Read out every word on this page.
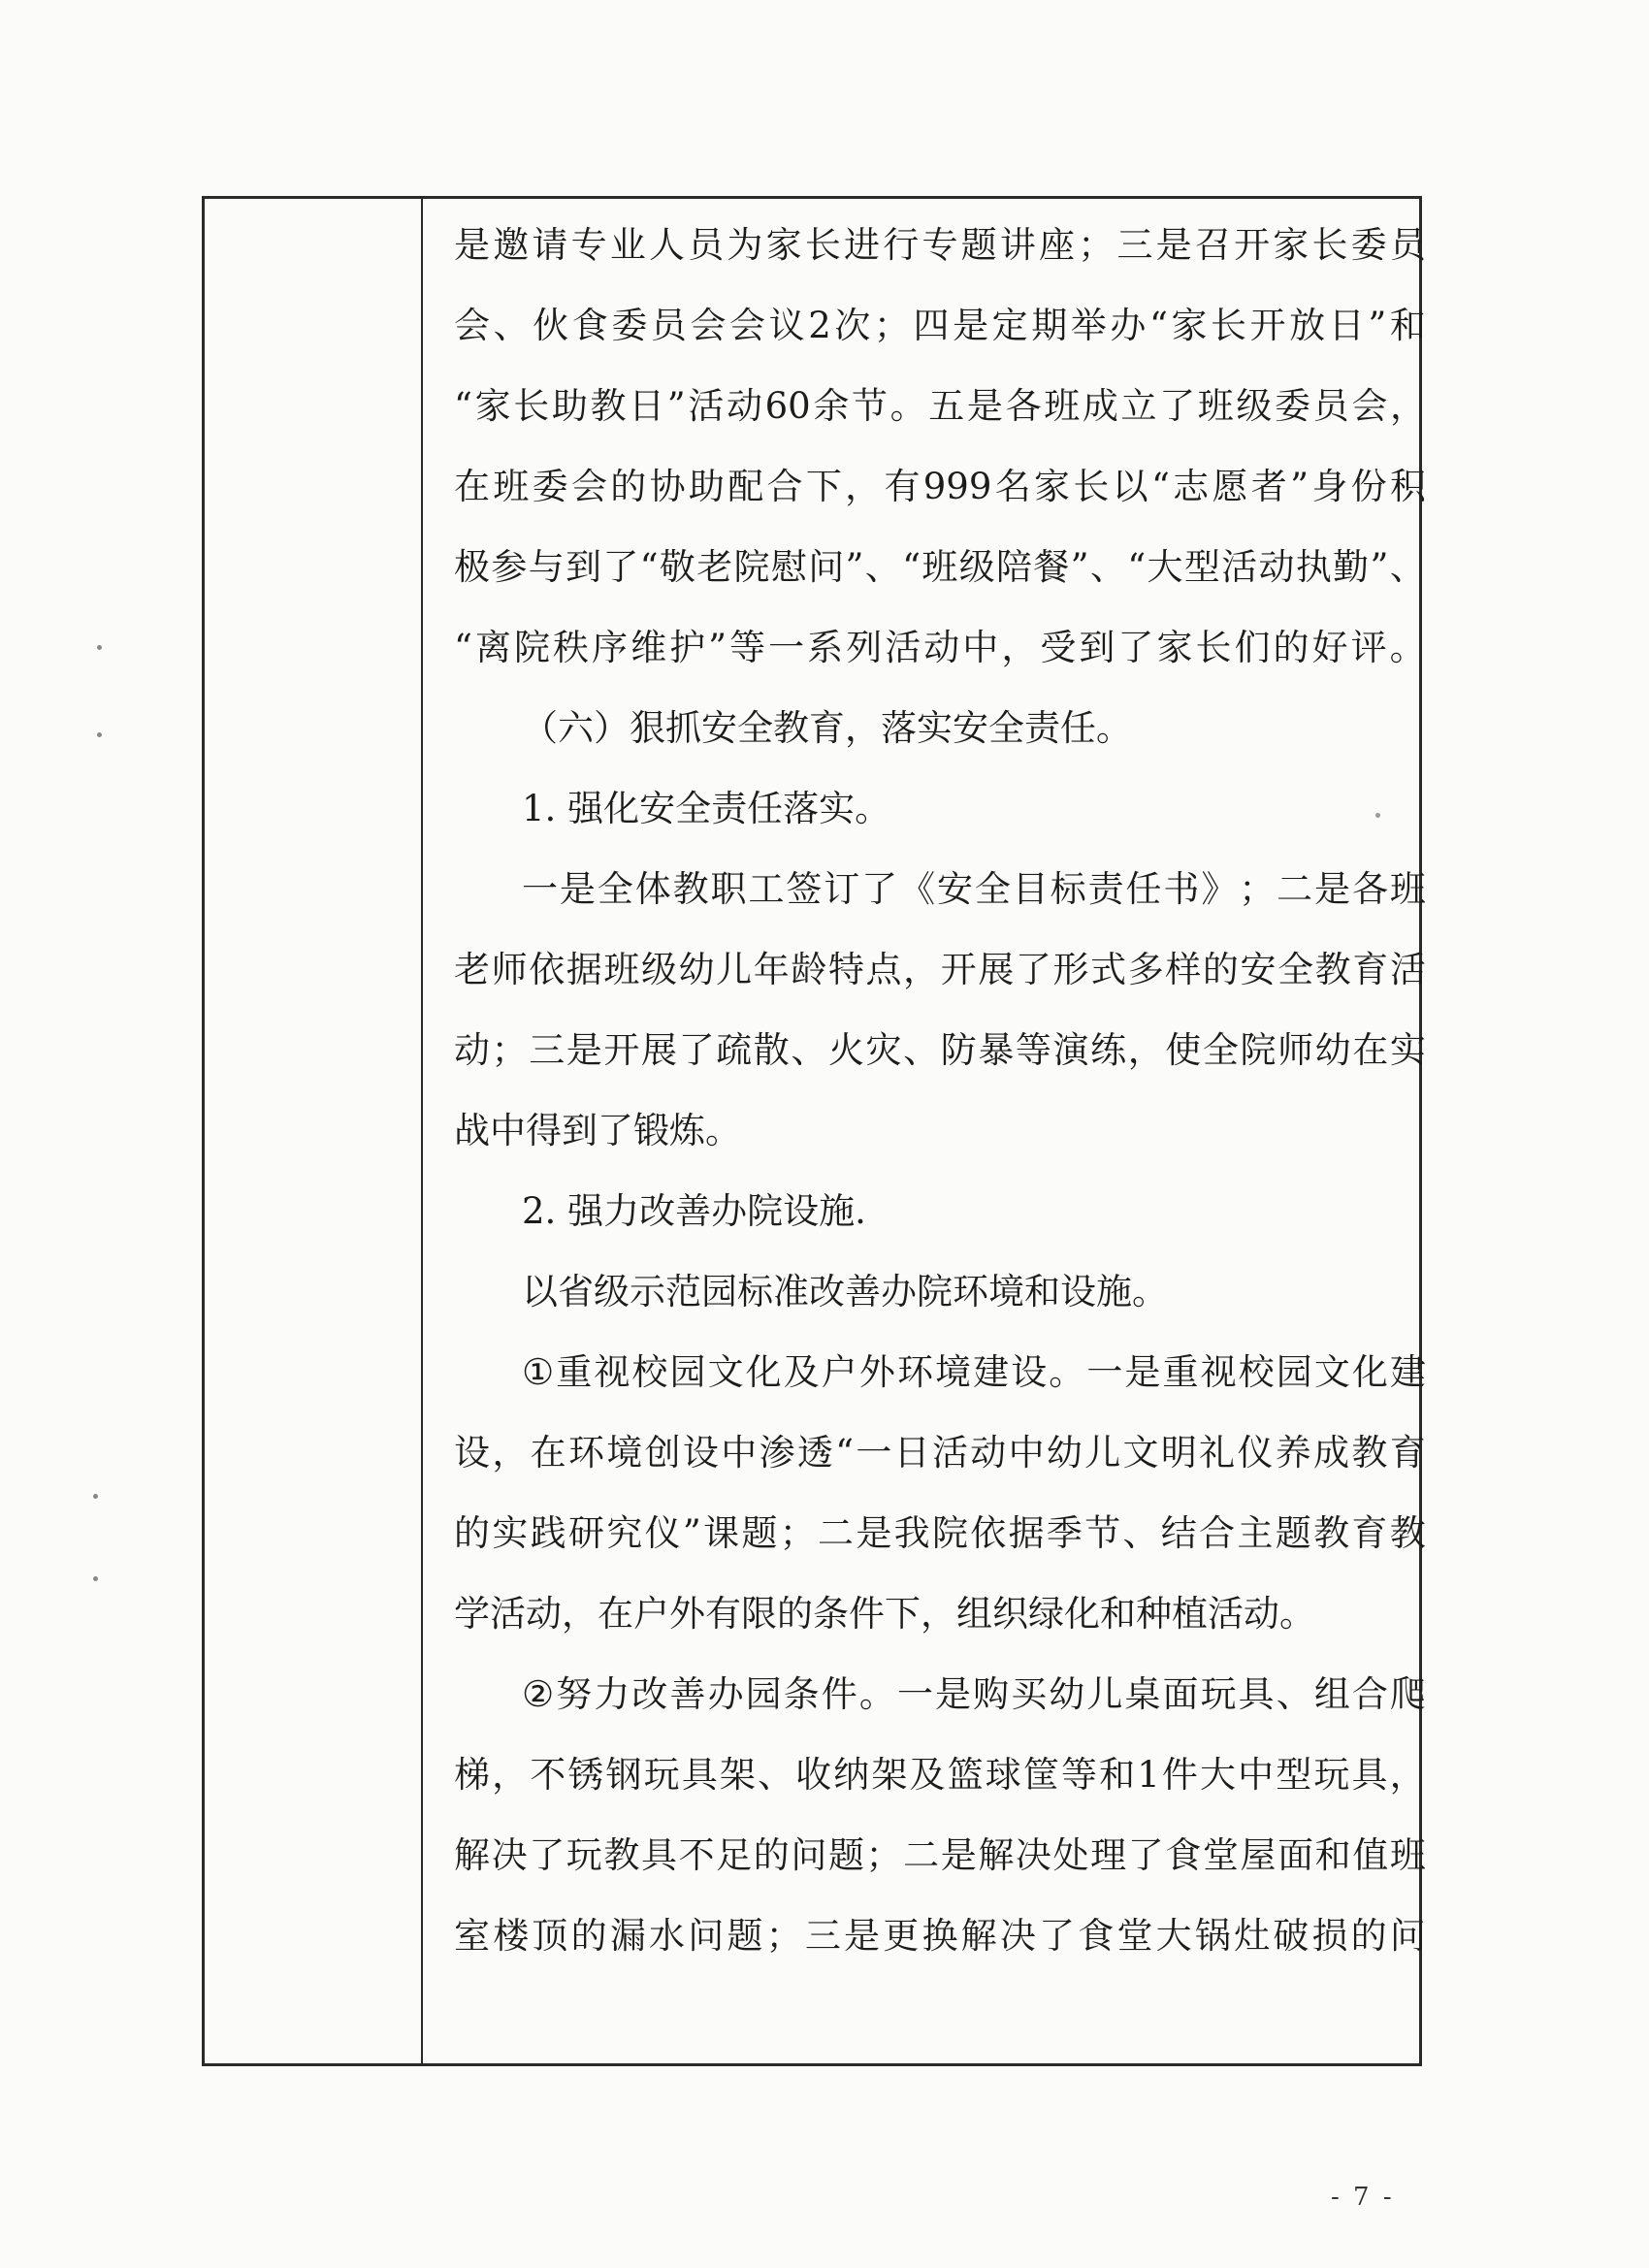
是 邀 请 专 业 人 员 为 家 长 进 行 专 题 讲 座 ； 三 是 召 开 家 长 委 员

会 、 伙 食 委 员 会 会 议 2 次 ； 四 是 定 期 举 办 “ 家 长 开 放 日 ” 和

“ 家 长 助 教 日 ” 活 动 60 余 节 。 五 是 各 班 成 立 了 班 级 委 员 会 ，

在 班 委 会 的 协 助 配 合 下 ， 有 999 名 家 长 以 “ 志 愿 者 ” 身 份 积

极 参 与 到 了 “ 敬 老 院 慰 问 ” 、 “ 班 级 陪 餐 ” 、 “ 大 型 活 动 执 勤 ” 、

“ 离 院 秩 序 维 护 ” 等 一 系 列 活 动 中 ， 受 到 了 家 长 们 的 好 评 。

（六）狠抓安全教育，落实安全责任。

1. 强化安全责任落实。

一 是 全 体 教 职 工 签 订 了 《 安 全 目 标 责 任 书 》 ； 二 是 各 班

老 师 依 据 班 级 幼 儿 年 龄 特 点 ， 开 展 了 形 式 多 样 的 安 全 教 育 活

动 ； 三 是 开 展 了 疏 散 、 火 灾 、 防 暴 等 演 练 ， 使 全 院 师 幼 在 实

战中得到了锻炼。

2. 强力改善办院设施.

以省级示范园标准改善办院环境和设施。

① 重 视 校 园 文 化 及 户 外 环 境 建 设 。 一 是 重 视 校 园 文 化 建

设 ， 在 环 境 创 设 中 渗 透 “ 一 日 活 动 中 幼 儿 文 明 礼 仪 养 成 教 育

的 实 践 研 究 仪 ” 课 题 ； 二 是 我 院 依 据 季 节 、 结 合 主 题 教 育 教

学活动，在户外有限的条件下，组织绿化和种植活动。

② 努 力 改 善 办 园 条 件 。 一 是 购 买 幼 儿 桌 面 玩 具 、 组 合 爬

梯 ， 不 锈 钢 玩 具 架 、 收 纳 架 及 篮 球 筐 等 和 1 件 大 中 型 玩 具 ，

解 决 了 玩 教 具 不 足 的 问 题 ； 二 是 解 决 处 理 了 食 堂 屋 面 和 值 班

室 楼 顶 的 漏 水 问 题 ； 三 是 更 换 解 决 了 食 堂 大 锅 灶 破 损 的 问

- 7 -
